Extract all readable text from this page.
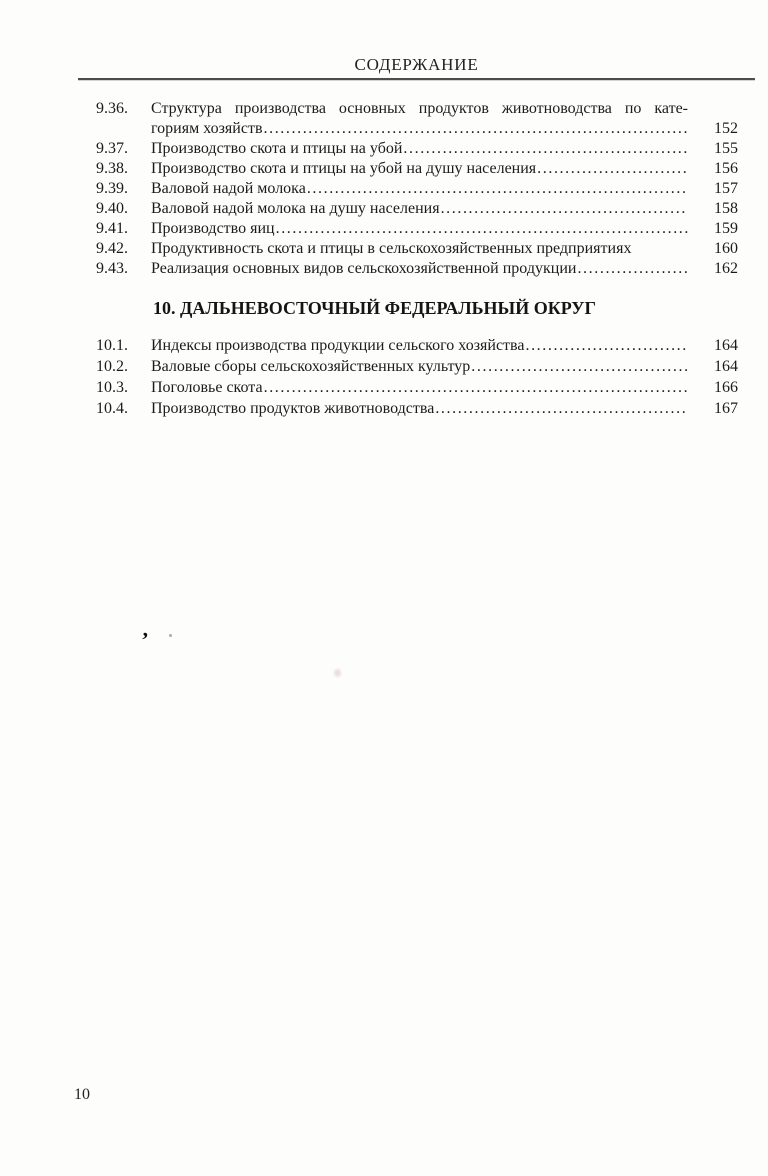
СОДЕРЖАНИЕ
9.36.	Структура производства основных продуктов животноводства по кате-
гориям хозяйств .....	152
9.37.	Производство скота и птицы на убой .....	155
9.38.	Производство скота и птицы на убой на душу населения .....	156
9.39.	Валовой надой молока .....	157
9.40.	Валовой надой молока на душу населения .....	158
9.41.	Производство яиц .....	159
9.42.	Продуктивность скота и птицы в сельскохозяйственных предприятиях	160
9.43.	Реализация основных видов сельскохозяйственной продукции .....	162
10. ДАЛЬНЕВОСТОЧНЫЙ ФЕДЕРАЛЬНЫЙ ОКРУГ
10.1.	Индексы производства продукции сельского хозяйства .....	164
10.2.	Валовые сборы сельскохозяйственных культур .....	164
10.3.	Поголовье скота .....	166
10.4.	Производство продуктов животноводства .....	167
,
10
